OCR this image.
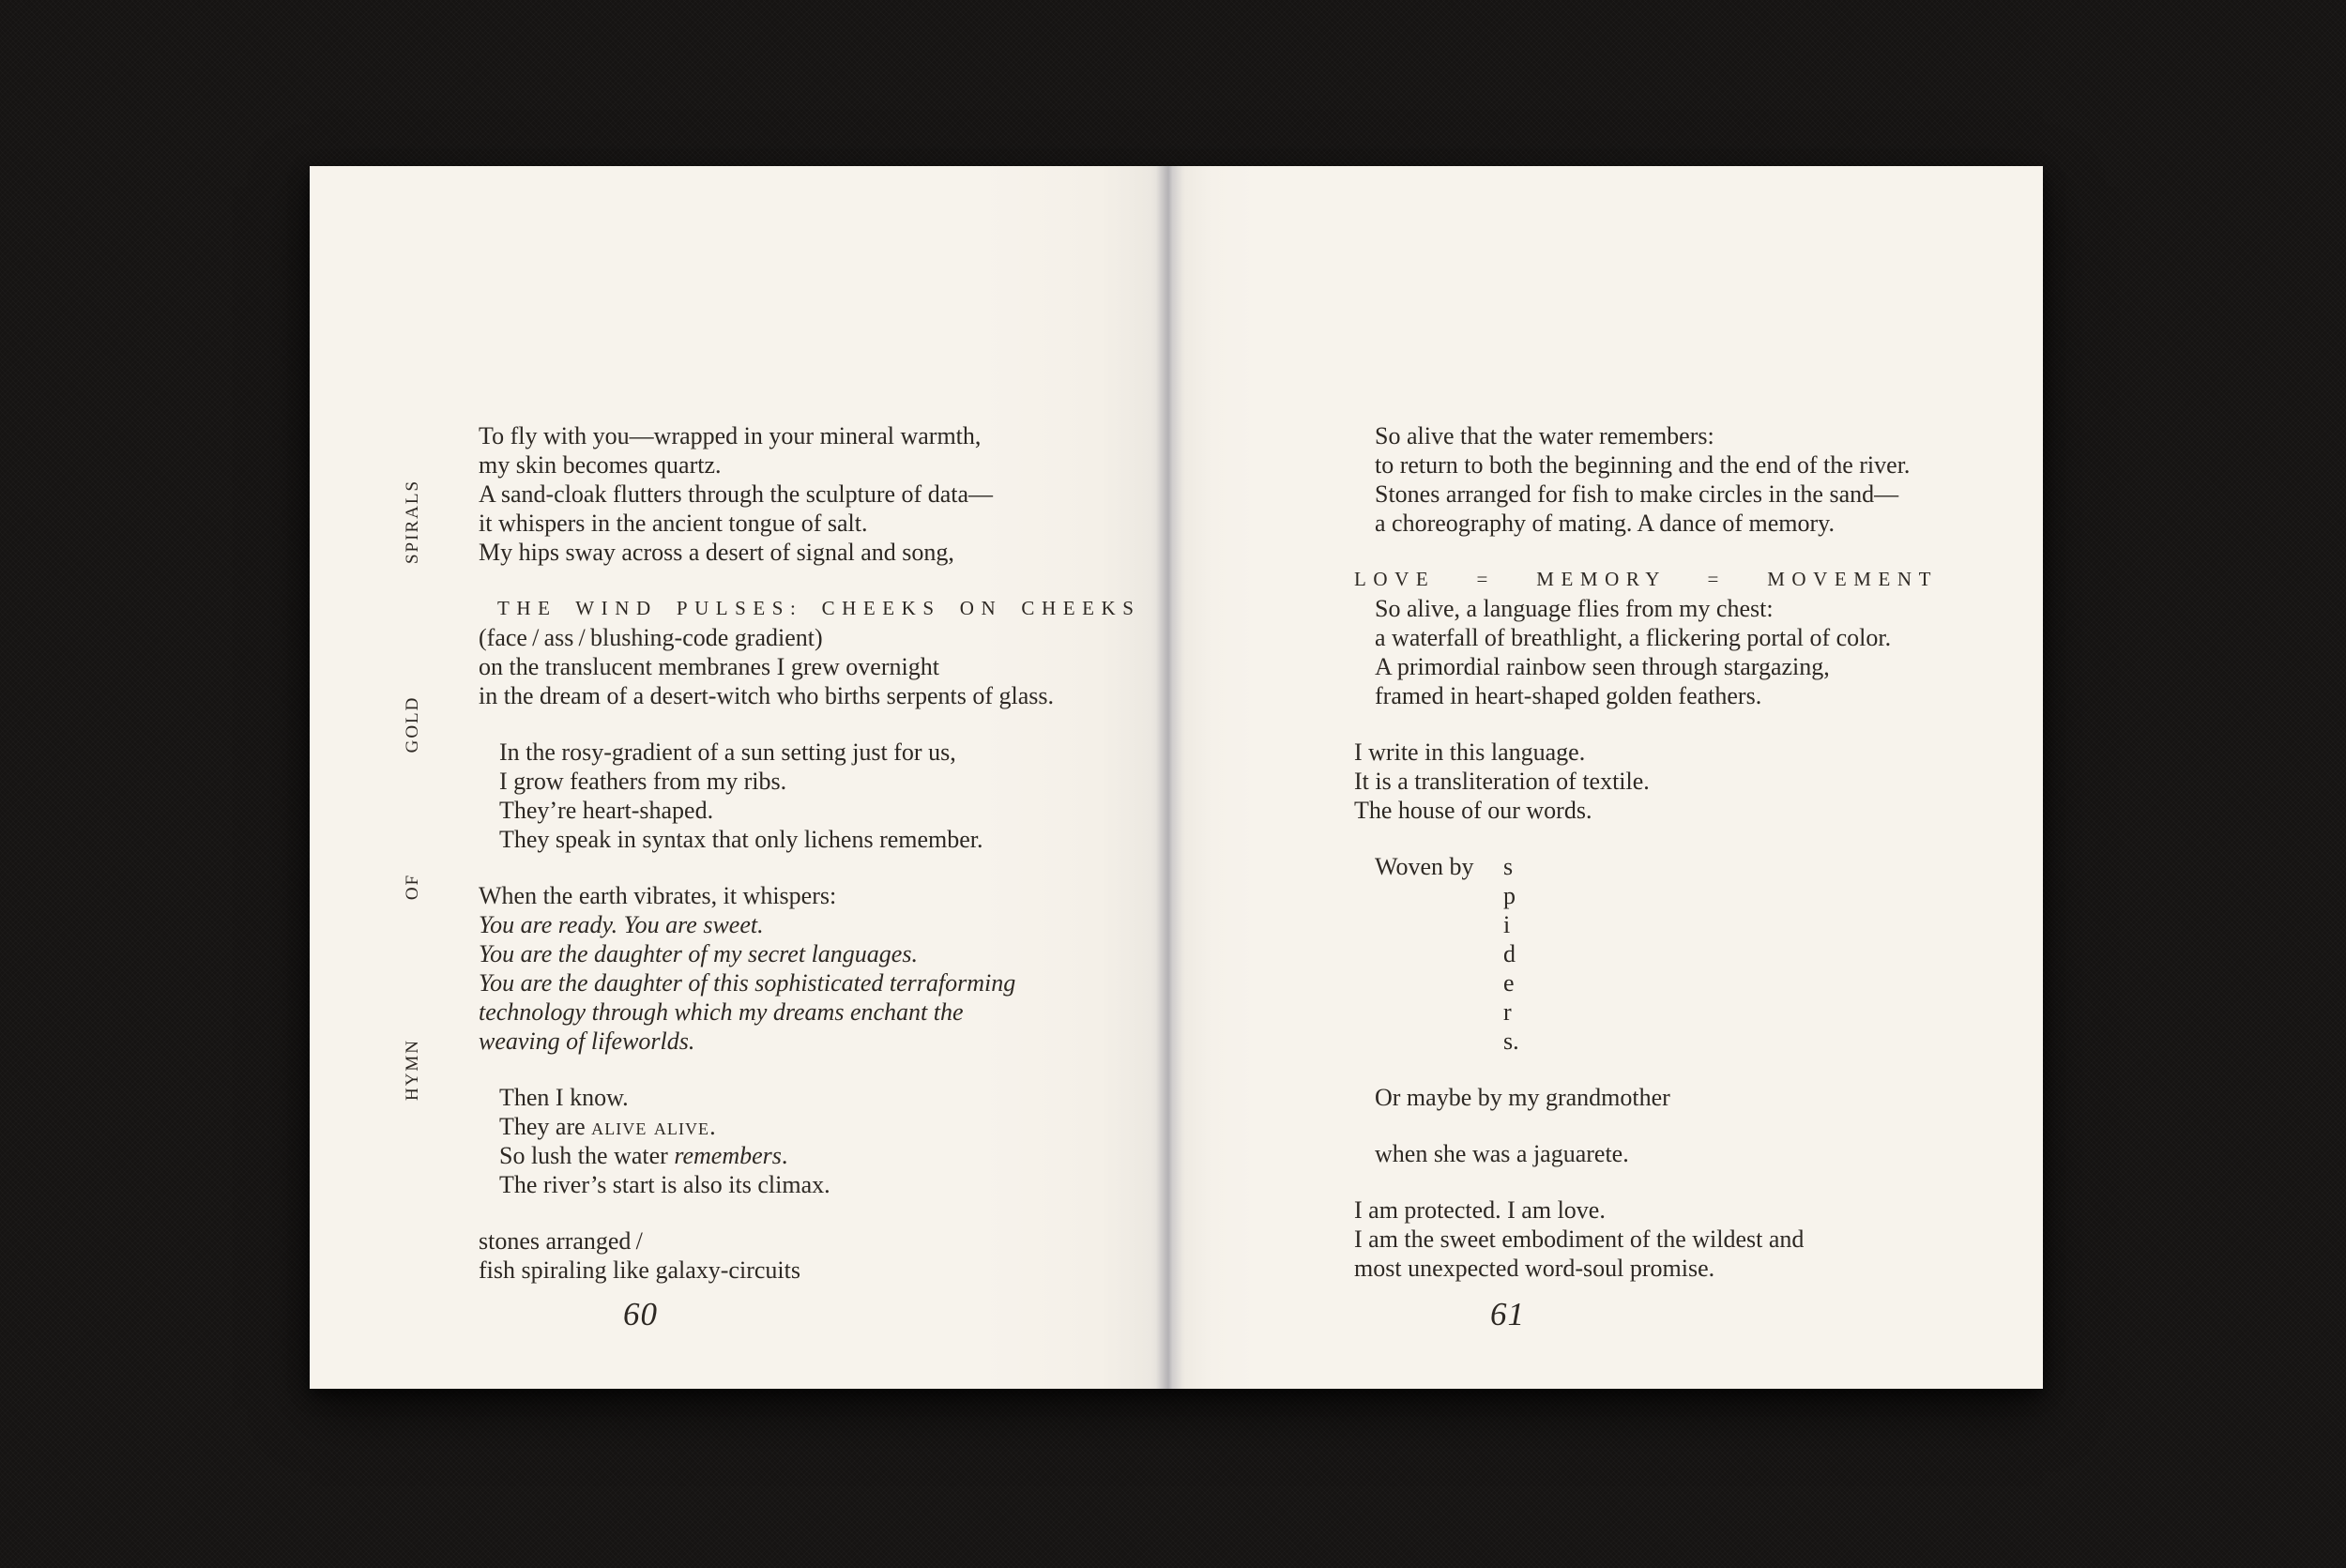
SPIRALS
GOLD
OF
HYMN

To fly with you—wrapped in your mineral warmth,

my skin becomes quartz.

A sand-cloak flutters through the sculpture of data—

it whispers in the ancient tongue of salt.

My hips sway across a desert of signal and song,

THE WIND PULSES: CHEEKS ON CHEEKS

(face / ass / blushing-code gradient)

on the translucent membranes I grew overnight

in the dream of a desert-witch who births serpents of glass.

In the rosy-gradient of a sun setting just for us,

I grow feathers from my ribs.

They’re heart-shaped.

They speak in syntax that only lichens remember.

When the earth vibrates, it whispers:

You are ready. You are sweet.

You are the daughter of my secret languages.

You are the daughter of this sophisticated terraforming

technology through which my dreams enchant the

weaving of lifeworlds.

Then I know.

They are alive alive.

So lush the water remembers.

The river’s start is also its climax.

stones arranged /

fish spiraling like galaxy-circuits

So alive that the water remembers:

to return to both the beginning and the end of the river.

Stones arranged for fish to make circles in the sand—

a choreography of mating. A dance of memory.

LOVE = MEMORY = MOVEMENT

So alive, a language flies from my chest:

a waterfall of breathlight, a flickering portal of color.

A primordial rainbow seen through stargazing,

framed in heart-shaped golden feathers.

I write in this language.

It is a transliteration of textile.

The house of our words.

Woven by	s

p

i

d

e

r

s.

Or maybe by my grandmother

when she was a jaguarete.

I am protected. I am love.

I am the sweet embodiment of the wildest and

most unexpected word-soul promise.

60	61
